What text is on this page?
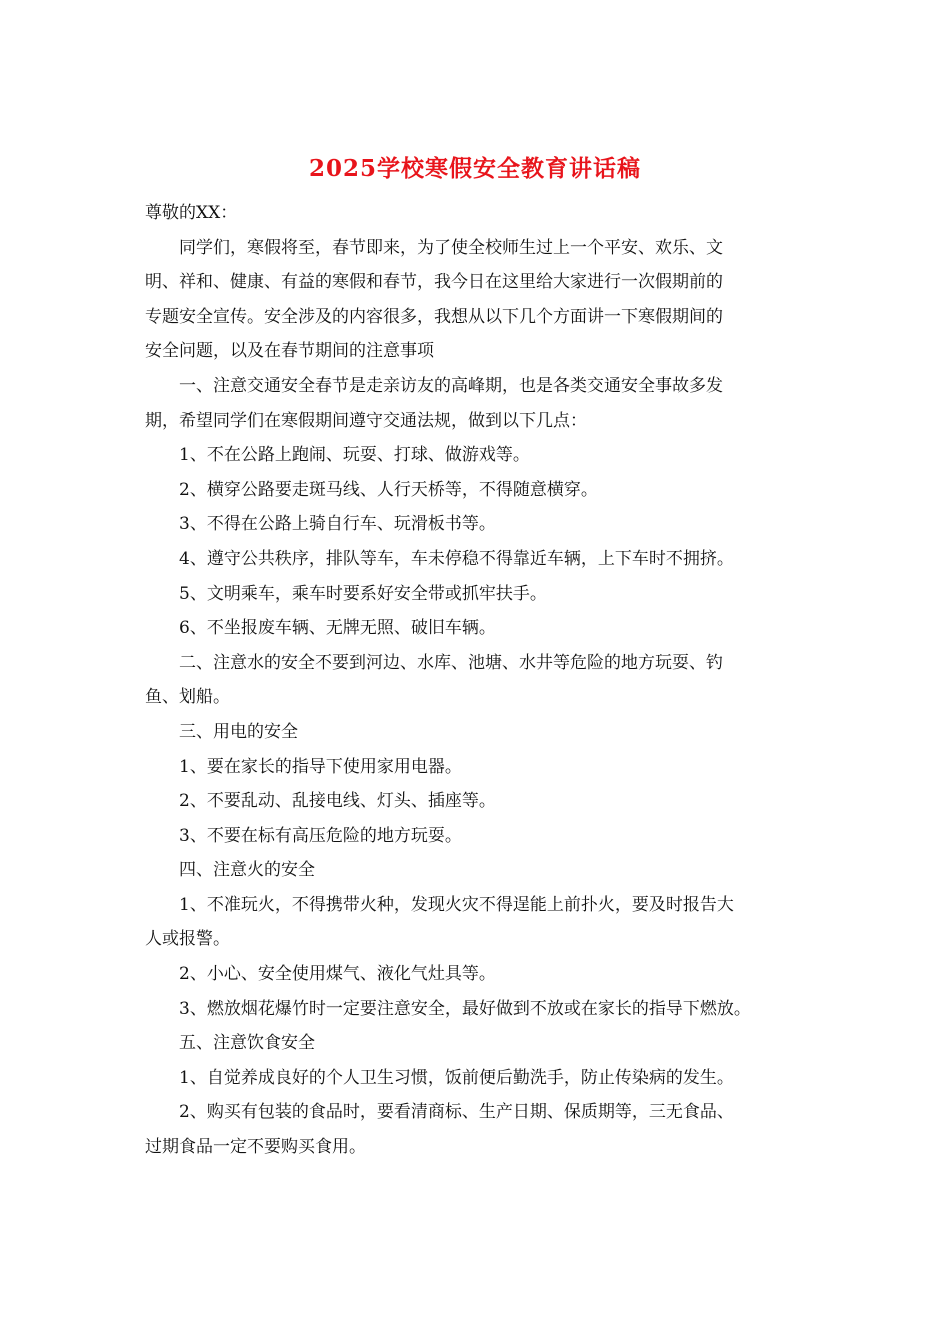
2025学校寒假安全教育讲话稿

尊敬的XX：

同学们，寒假将至，春节即来，为了使全校师生过上一个平安、欢乐、文

明、祥和、健康、有益的寒假和春节，我今日在这里给大家进行一次假期前的

专题安全宣传。安全涉及的内容很多，我想从以下几个方面讲一下寒假期间的

安全问题，以及在春节期间的注意事项

一、注意交通安全春节是走亲访友的高峰期，也是各类交通安全事故多发

期，希望同学们在寒假期间遵守交通法规，做到以下几点：

1、不在公路上跑闹、玩耍、打球、做游戏等。

2、横穿公路要走斑马线、人行天桥等，不得随意横穿。

3、不得在公路上骑自行车、玩滑板书等。

4、遵守公共秩序，排队等车，车未停稳不得靠近车辆，上下车时不拥挤。

5、文明乘车，乘车时要系好安全带或抓牢扶手。

6、不坐报废车辆、无牌无照、破旧车辆。

二、注意水的安全不要到河边、水库、池塘、水井等危险的地方玩耍、钓

鱼、划船。

三、用电的安全

1、要在家长的指导下使用家用电器。

2、不要乱动、乱接电线、灯头、插座等。

3、不要在标有高压危险的地方玩耍。

四、注意火的安全

1、不准玩火，不得携带火种，发现火灾不得逞能上前扑火，要及时报告大

人或报警。

2、小心、安全使用煤气、液化气灶具等。

3、燃放烟花爆竹时一定要注意安全，最好做到不放或在家长的指导下燃放。

五、注意饮食安全

1、自觉养成良好的个人卫生习惯，饭前便后勤洗手，防止传染病的发生。

2、购买有包装的食品时，要看清商标、生产日期、保质期等，三无食品、

过期食品一定不要购买食用。
